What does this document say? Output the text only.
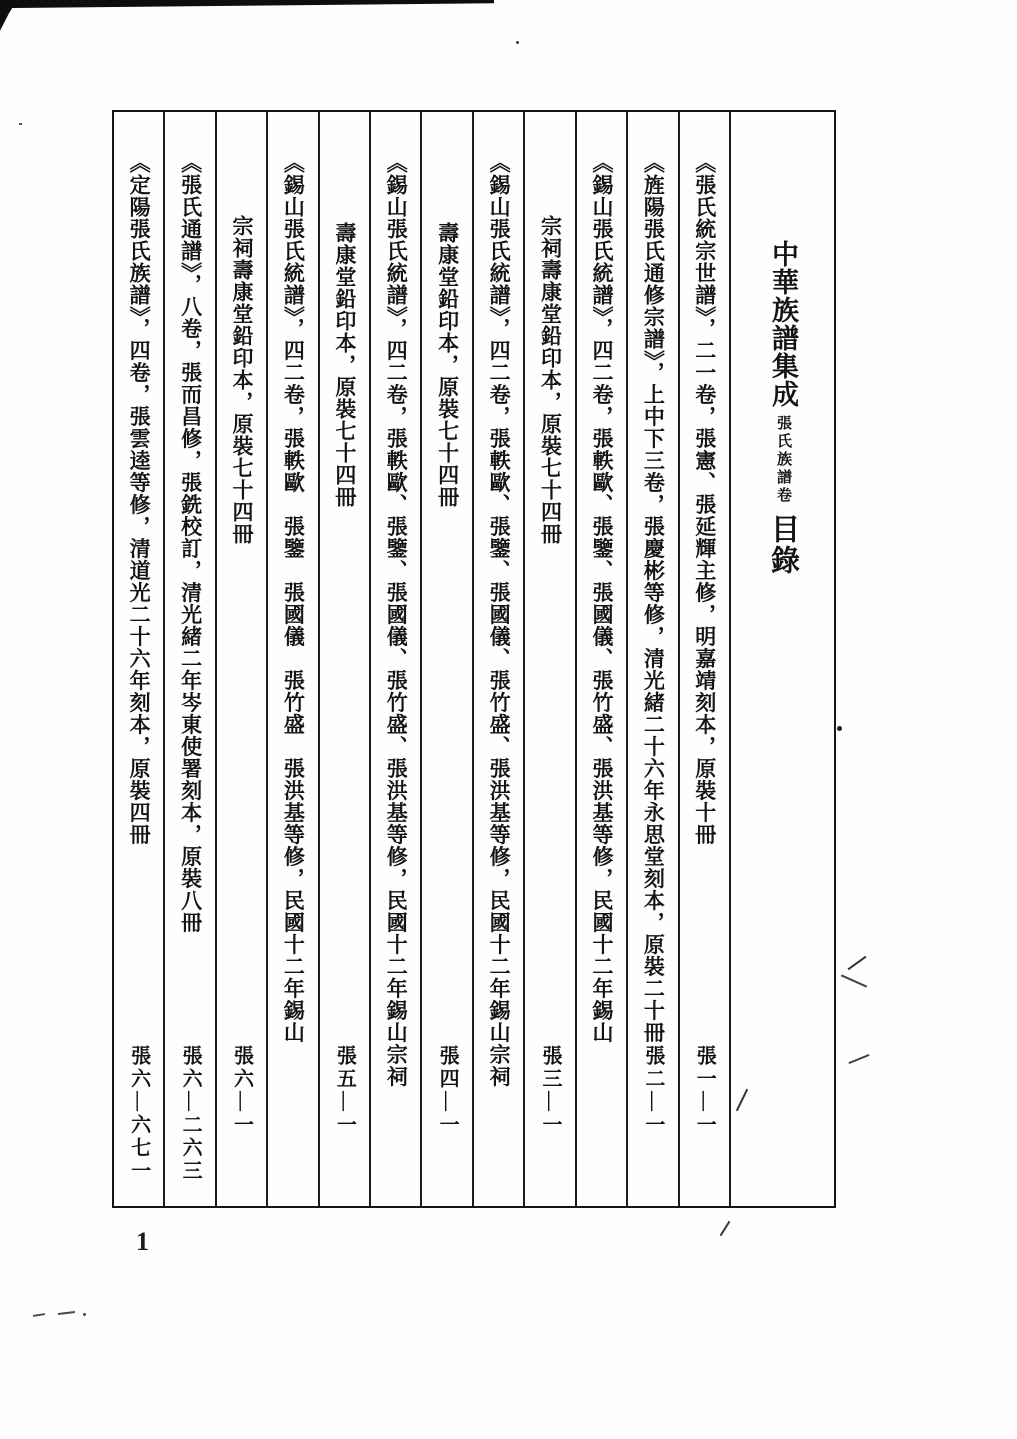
中華族譜集成張氏族譜卷目錄
《張氏統宗世譜》，二一卷，張憲、張延輝主修，明嘉靖刻本，原裝十冊
張一—一
《旌陽張氏通修宗譜》，上中下三卷，張慶彬等修，清光緒二十六年永思堂刻本，原裝二十冊
張二—一
《錫山張氏統譜》，四二卷，張軼歐、張鑒、張國儀、張竹盛、張洪基等修，民國十二年錫山
宗祠壽康堂鉛印本，原裝七十四冊
張三—一
《錫山張氏統譜》，四二卷，張軼歐、張鑒、張國儀、張竹盛、張洪基等修，民國十二年錫山宗祠
壽康堂鉛印本，原裝七十四冊
張四—一
《錫山張氏統譜》，四二卷，張軼歐、張鑒、張國儀、張竹盛、張洪基等修，民國十二年錫山宗祠
壽康堂鉛印本，原裝七十四冊
張五—一
《錫山張氏統譜》，四二卷，張軼歐　張鑒　張國儀　張竹盛　張洪基等修，民國十二年錫山
宗祠壽康堂鉛印本，原裝七十四冊
張六—一
《張氏通譜》，八卷，張而昌修，張銑校訂，清光緒二年岑東使署刻本，原裝八冊
張六—二六三
《定陽張氏族譜》，四卷，張雲逵等修，清道光二十六年刻本，原裝四冊
張六—六七一
1
